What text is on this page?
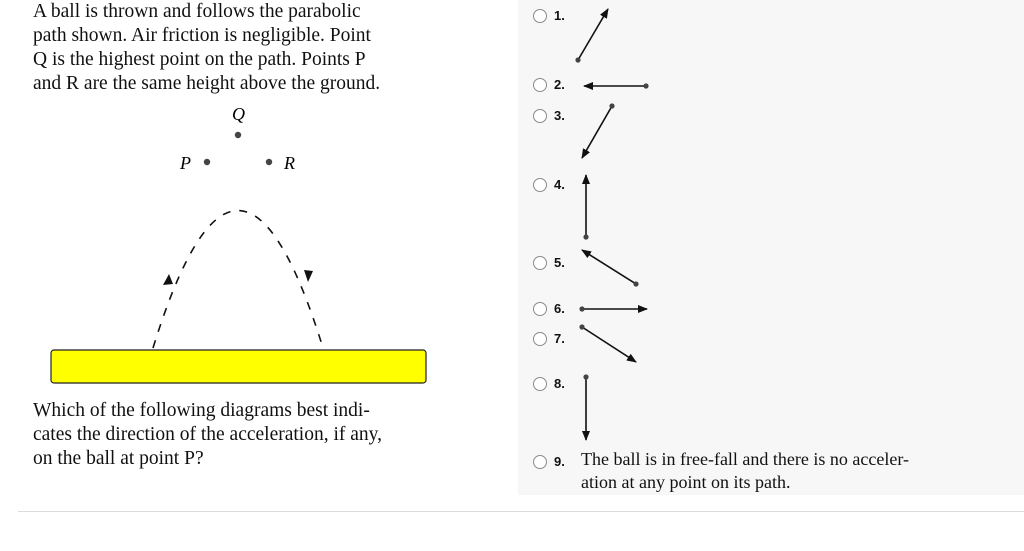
A ball is thrown and follows the parabolic

path shown. Air friction is negligible. Point

Q is the highest point on the path. Points P

and R are the same height above the ground.

Q
P	R
Which of the following diagrams best indi-
cates the direction of the acceleration, if any,
on the ball at point P?
1.
2.
3.
4.
5.
6.
7.
8.
9. The ball is in free-fall and there is no acceler-
ation at any point on its path.
